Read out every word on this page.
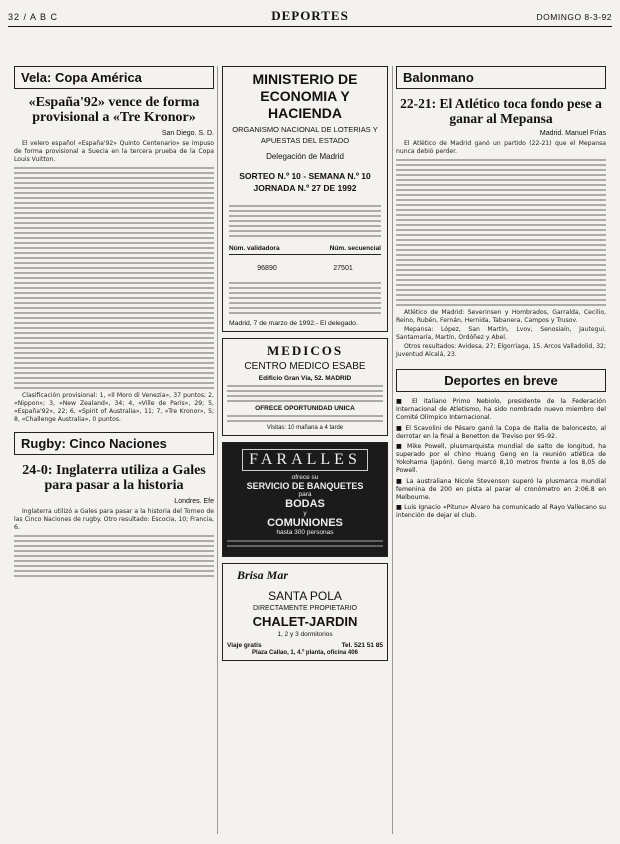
32 / A B C	DEPORTES	DOMINGO 8-3-92
Vela: Copa América
«España'92» vence de forma provisional a «Tre Kronor»
San Diego. S. D.

El velero español «España'92» Quinto Centenario» se impuso de forma provisional a Suecia en la tercera prueba de la Copa Louis Vuitton.

Clasificación provisional: 1, «Il Moro di Venezia», 37 puntos; 2, «Nippon»; 3, «New Zealand», 34; 4, «Ville de Paris», 29; 5, «España'92», 22; 6, «Spirit of Australia», 11; 7, «Tre Kronor», 5; 8, «Challenge Australia», 0 puntos.

Rugby: Cinco Naciones
24-0: Inglaterra utiliza a Gales para pasar a la historia
Londres. Efe

Inglaterra utilizó a Gales para pasar a la historia del Torneo de las Cinco Naciones de rugby. Otro resultado: Escocia, 10; Francia, 6.

MINISTERIO DE ECONOMIA Y HACIENDA
ORGANISMO NACIONAL DE LOTERIAS Y APUESTAS DEL ESTADO
Delegación de Madrid
SORTEO N.º 10 - SEMANA N.º 10 JORNADA N.º 27 DE 1992
Núm. validadora	Núm. secuencial
96890	27501
Madrid, 7 de marzo de 1992.- El delegado.
MEDICOS
CENTRO MEDICO ESABE
Edificio Gran Vía, 52. MADRID
OFRECE OPORTUNIDAD UNICA
Visitas: 10 mañana a 4 tarde
FARALLES
ofrece su
SERVICIO DE BANQUETES
para
BODAS
y
COMUNIONES
hasta 300 personas
Brisa Mar
SANTA POLA
DIRECTAMENTE PROPIETARIO
CHALET-JARDIN
1, 2 y 3 dormitorios
Viaje gratis	Tel. 521 51 85
Plaza Callao, 1, 4.º planta, oficina 406
Balonmano
22-21: El Atlético toca fondo pese a ganar al Mepansa
Madrid. Manuel Frías

El Atlético de Madrid ganó un partido (22-21) que el Mepansa nunca debió perder.

Atlético de Madrid: Severinsen y Hombrados, Garralda, Cecilio, Reino, Rubén, Fernán, Hernida, Tabanera, Campos y Trusov.

Mepansa: López, San Martín, Lvov, Senosiaín, Jautegui, Santamaría, Martín, Ordóñez y Abel.

Otros resultados: Avidesa, 27; Elgorriaga, 15. Arcos Valladolid, 32; Juventud Alcalá, 23.

Deportes en breve
■ El italiano Primo Nebiolo, presidente de la Federación Internacional de Atletismo, ha sido nombrado nuevo miembro del Comité Olímpico Internacional.
■ El Scavolini de Pésaro ganó la Copa de Italia de baloncesto, al derrotar en la final a Benetton de Treviso por 95-92.
■ Mike Powell, plusmarquista mundial de salto de longitud, ha superado por el chino Huang Geng en la reunión atlética de Yokohama (Japón). Geng marcó 8,10 metros frente a los 8,05 de Powell.
■ La australiana Nicole Stevenson superó la plusmarca mundial femenina de 200 en pista al parar el cronómetro en 2:06.8 en Melbourne.
■ Luis Ignacio «Pituru» Alvaro ha comunicado al Rayo Vallecano su intención de dejar el club.
